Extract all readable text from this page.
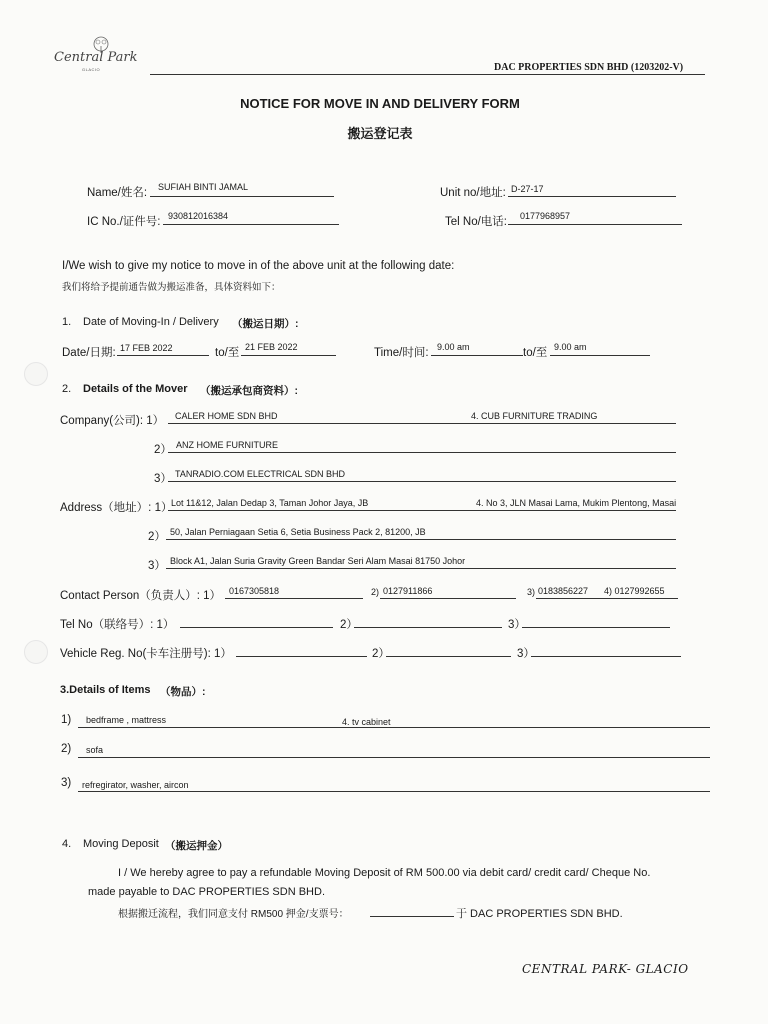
Central Park
GLACIO	DAC PROPERTIES SDN BHD (1203202-V)
NOTICE FOR MOVE IN AND DELIVERY FORM
搬运登记表
Name/姓名: SUFIAH BINTI JAMAL	Unit no/地址: D-27-17
IC No./证件号: 930812016384	Tel No/电话: 0177968957
I/We wish to give my notice to move in of the above unit at the following date:
我们将给予提前通告做为搬运准备，具体资料如下：
1. Date of Moving-In / Delivery （搬运日期）:
Date/日期: 17 FEB 2022	to/至 21 FEB 2022	Time/时间: 9.00 am	to/至 9.00 am
2. Details of the Mover （搬运承包商资料）:
Company(公司): 1） CALER HOME SDN BHD	4. CUB FURNITURE TRADING
2） ANZ HOME FURNITURE
3） TANRADIO.COM ELECTRICAL SDN BHD
Address（地址）: 1）
Lot 11&12, Jalan Dedap 3, Taman Johor Jaya, JB	4. No 3, JLN Masai Lama, Mukim Plentong, Masai
2） 50, Jalan Perniagaan Setia 6, Setia Business Pack 2, 81200, JB
3） Block A1, Jalan Suria Gravity Green Bandar Seri Alam Masai 81750 Johor
Contact Person（负责人）: 1） 0167305818	2) 0127911866	3) 0183856227 4) 0127992655
Tel No（联络号）: 1）	2）	3）
Vehicle Reg. No(卡车注册号): 1）	2）	3）
3.Details of Items （物品）:
1) bedframe , mattress	4. tv cabinet
2) sofa
3) refregirator, washer, aircon
4. Moving Deposit （搬运押金）
I / We hereby agree to pay a refundable Moving Deposit of RM 500.00 via debit card/ credit card/ Cheque No.
made payable to DAC PROPERTIES SDN BHD.
根据搬迁流程，我们同意支付 RM500 押金/支票号：	于 DAC PROPERTIES SDN BHD.
CENTRAL PARK- GLACIO
